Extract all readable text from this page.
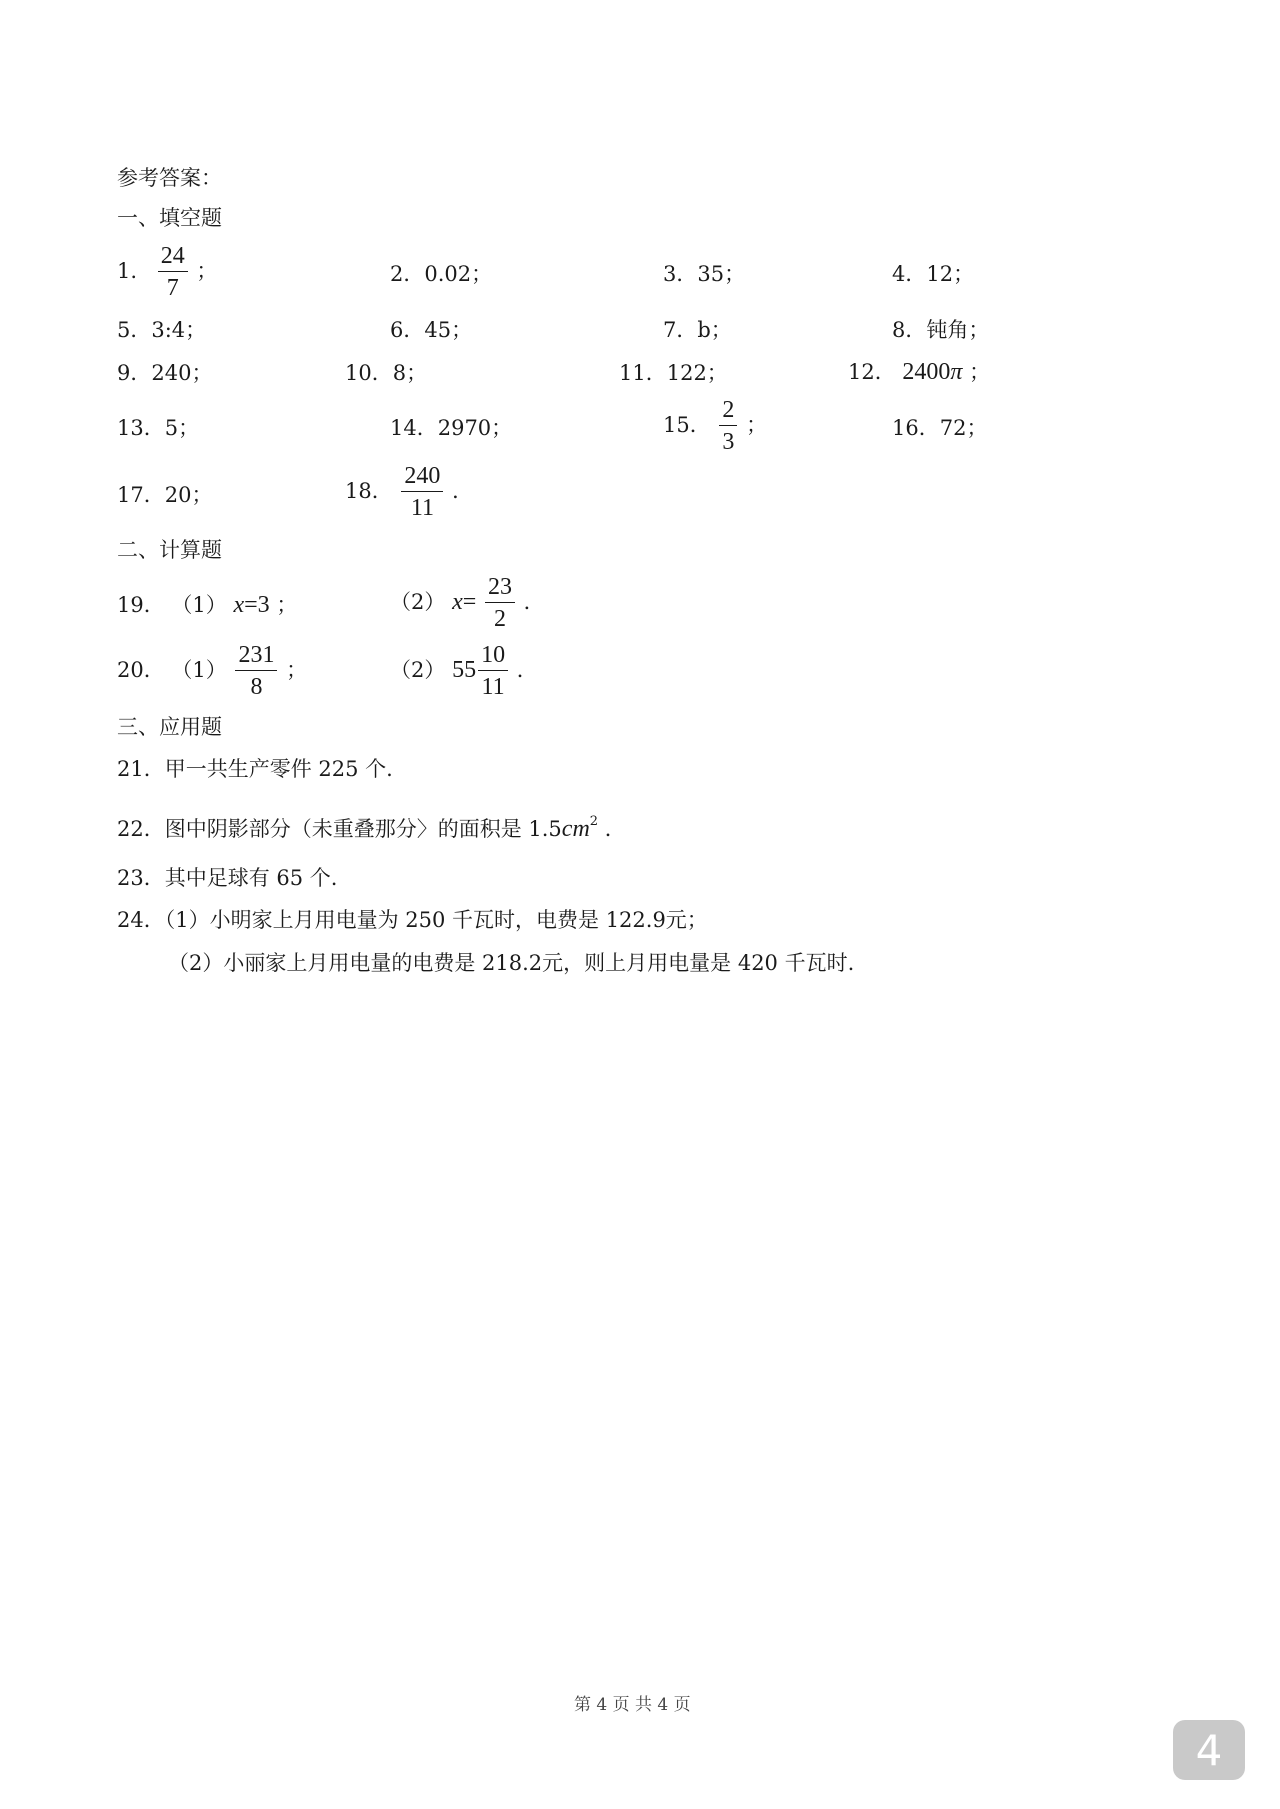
参考答案：
一、填空题
1. $\frac{24}{7}$ ；	2．0.02；	3．35；	4．12；
5．3:4；	6．45；	7．b；	8．钝角；
9．240；	10．8；	11．122；	12． 2400π ；
13．5；	14．2970；	15． $\frac{2}{3}$ ；	16．72；
17．20；	18． $\frac{240}{11}$ ．
二、计算题
19． （1） x=3 ；	（2） $x= \frac{23}{2}$ ．
20． $(1) \frac{231}{8}$ ；	（2） $55 \frac{10}{11}$ ．
三、应用题
21．甲一共生产零件 225 个.
22．图中阴影部分（未重叠那分〉的面积是 $1.5cm^2$ ．
23．其中足球有 65 个.
24．（1）小明家上月用电量为 250 千瓦时，电费是 122.9元；
（2）小丽家上月用电量的电费是 218.2元，则上月用电量是 420 千瓦时.
第 4 页 共 4 页
4
